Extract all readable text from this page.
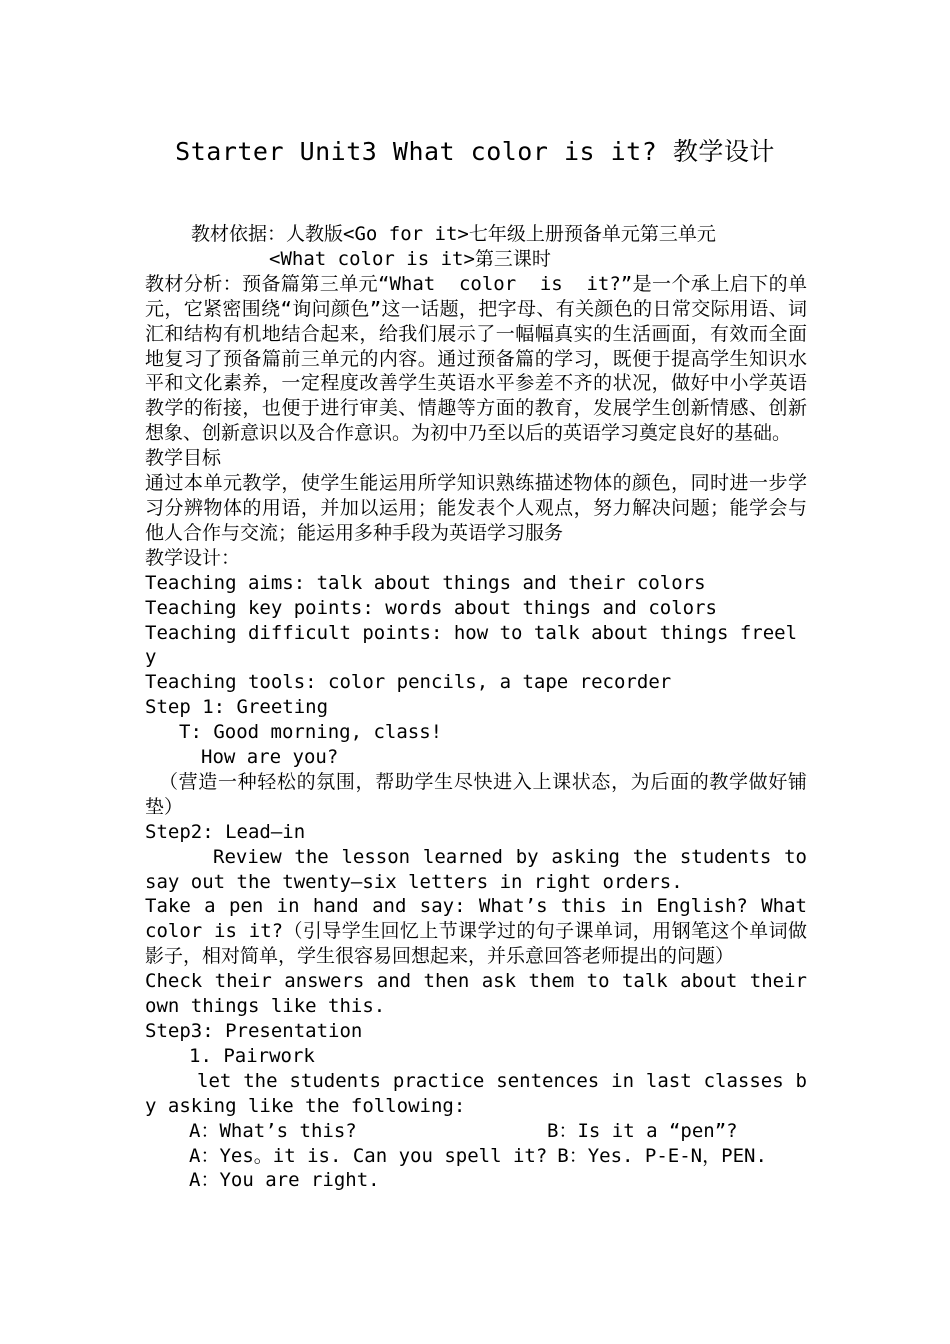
Starter Unit3 What color is it? 教学设计

教材依据：人教版<Go for it>七年级上册预备单元第三单元

<What color is it>第三课时

教材分析：预备篇第三单元“What  color  is  it?”是一个承上启下的单元，它紧密围绕“询问颜色”这一话题，把字母、有关颜色的日常交际用语、词汇和结构有机地结合起来，给我们展示了一幅幅真实的生活画面，有效而全面地复习了预备篇前三单元的内容。通过预备篇的学习，既便于提高学生知识水平和文化素养，一定程度改善学生英语水平参差不齐的状况，做好中小学英语教学的衔接，也便于进行审美、情趣等方面的教育，发展学生创新情感、创新想象、创新意识以及合作意识。为初中乃至以后的英语学习奠定良好的基础。

教学目标

通过本单元教学，使学生能运用所学知识熟练描述物体的颜色，同时进一步学习分辨物体的用语，并加以运用；能发表个人观点，努力解决问题；能学会与他人合作与交流；能运用多种手段为英语学习服务

教学设计：

Teaching aims: talk about things and their colors

Teaching key points: words about things and colors

Teaching difficult points: how to talk about things freely

Teaching tools: color pencils, a tape recorder

Step 1: Greeting

T: Good morning, class!

How are you?

（营造一种轻松的氛围，帮助学生尽快进入上课状态，为后面的教学做好铺垫）

Step2: Lead—in

Review the lesson learned by asking the students to say out the twenty—six letters in right orders.

Take a pen in hand and say: What’s this in English? What color is it?（引导学生回忆上节课学过的句子课单词，用钢笔这个单词做影子，相对简单，学生很容易回想起来，并乐意回答老师提出的问题）

Check their answers and then ask them to talk about their own things like this.

Step3: Presentation

1. Pairwork

let the students practice sentences in last classes by asking like the following:

A：What’s this?	B：Is it a “pen”?
A：Yes。it is. Can you spell it? B：Yes. P-E-N，PEN.
A：You are right.
